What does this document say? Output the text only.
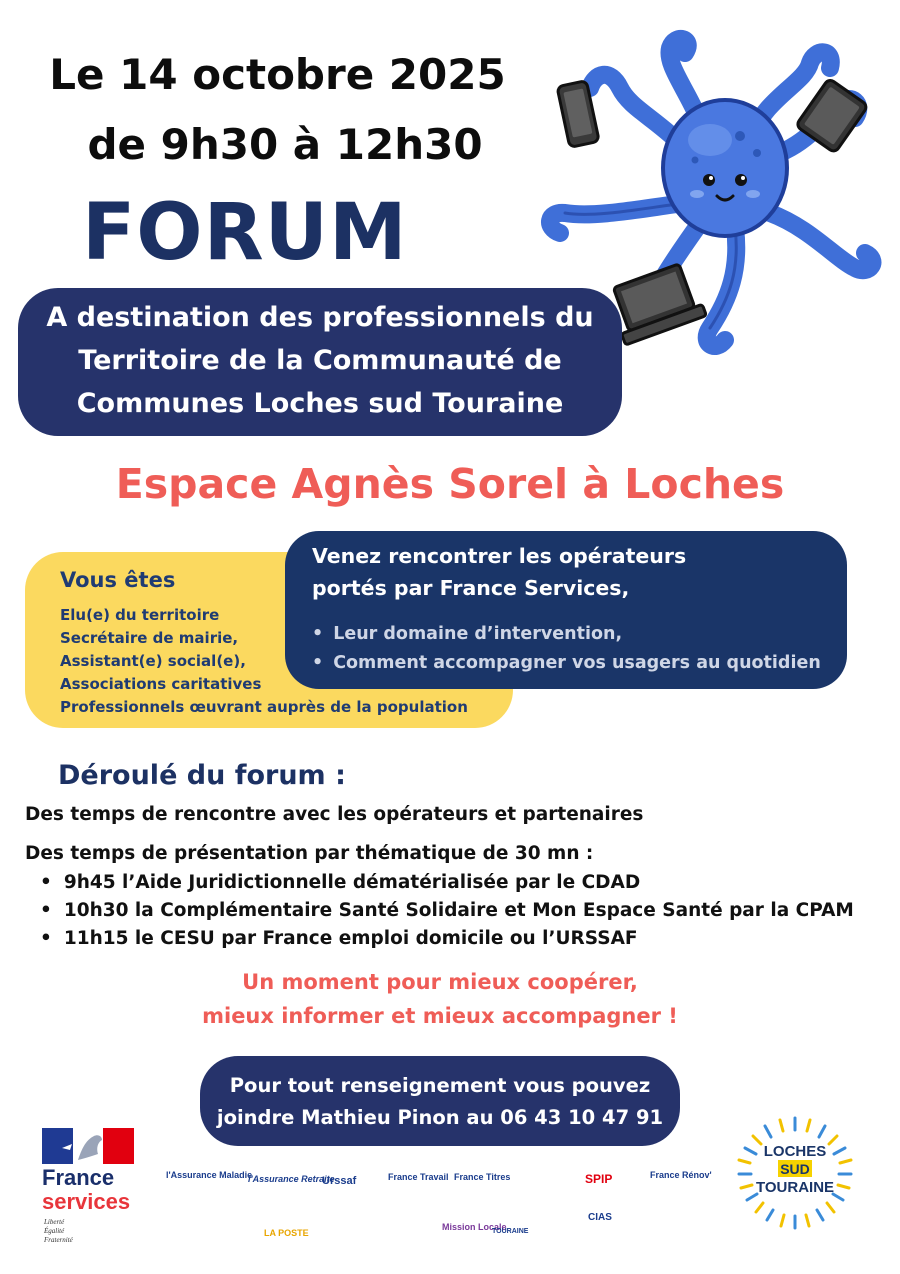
Le 14 octobre 2025
de 9h30 à 12h30
FORUM
A destination des professionnels du
Territoire de la Communauté de
Communes Loches sud Touraine
Espace Agnès Sorel à Loches
Vous êtes
Elu(e) du territoire
Secrétaire de mairie,
Assistant(e) social(e),
Associations caritatives
Professionnels œuvrant auprès de la population
Venez rencontrer les opérateurs
portés par France Services,
• Leur domaine d’intervention,
• Comment accompagner vos usagers au quotidien
Déroulé du forum :
Des temps de rencontre avec les opérateurs et partenaires
Des temps de présentation par thématique de 30 mn :
• 9h45 l’Aide Juridictionnelle dématérialisée par le CDAD
• 10h30 la Complémentaire Santé Solidaire et Mon Espace Santé par la CPAM
• 11h15 le CESU par France emploi domicile ou l’URSSAF
Un moment pour mieux coopérer,
mieux informer et mieux accompagner !
Pour tout renseignement vous pouvez
joindre Mathieu Pinon au 06 43 10 47 91
France
services
Liberté
Égalité
Fraternité
l'Assurance Maladie
l'Assurance Retraite
Urssaf	France Travail France Titres	SPIP	France Rénov'
LA POSTE
Mission Locale
TOURAINE
CIAS
LOCHES
SUD
TOURAINE
